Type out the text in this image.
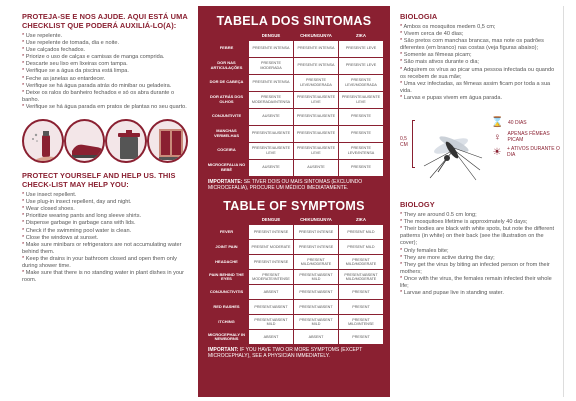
PROTEJA-SE E NOS AJUDE. AQUI ESTÁ UMA CHECKLIST QUE PODERÁ AUXILIÁ-LO(A):
* Use repelente.
* Use repelente de tomada, dia e noite.
* Use calçados fechados.
* Priorize o uso de calças e camisas de manga comprida.
* Descarte seu lixo em lixeiras com tampa.
* Verifique se a água da piscina está limpa.
* Feche as janelas ao entardecer.
* Verifique se há água parada atrás do minibar ou geladeira.
* Deixe os ralos do banheiro fechados e só os abra durante o banho.
* Verifique se há água parada em pratos de plantas no seu quarto.
PROTECT YOURSELF AND HELP US. THIS CHECK-LIST MAY HELP YOU:
* Use insect repellent.
* Use plug-in insect repellent, day and night.
* Wear closed shoes.
* Prioritize wearing pants and long sleeve shirts.
* Dispense garbage in garbage cans with lids.
* Check if the swimming pool water is clean.
* Close the windows at sunset.
* Make sure minibars or refrigerators are not accumulating water behind them.
* Keep the drains in your bathroom closed and open them only during shower time.
* Make sure that there is no standing water in plant dishes in your room.
TABELA DOS SINTOMAS
	DENGUE	CHIKUNGUNYA	ZIKA
FEBRE	PRESENTE INTENSA	PRESENTE INTENSA	PRESENTE LEVE
DOR NAS ARTICULAÇÕES	PRESENTE MODERADA	PRESENTE INTENSA	PRESENTE LEVE
DOR DE CABEÇA	PRESENTE INTENSA	PRESENTE LEVE/MODERADA	PRESENTE LEVE/MODERADA
DOR ATRÁS DOS OLHOS	PRESENTE MODERADA/INTENSA	PRESENTE/AUSENTE LEVE	PRESENTE/AUSENTE LEVE
CONJUNTIVITE	AUSENTE	PRESENTE/AUSENTE	PRESENTE
MANCHAS VERMELHAS	PRESENTE/AUSENTE	PRESENTE/AUSENTE	PRESENTE
COCEIRA	PRESENTE/AUSENTE LEVE	PRESENTE/AUSENTE LEVE	PRESENTE LEVE/INTENSA
MICROCEFALIA NO BEBÊ	AUSENTE	AUSENTE	PRESENTE
IMPORTANTE: SE TIVER DOIS OU MAIS SINTOMAS (EXCLUINDO MICROCEFALIA), PROCURE UM MÉDICO IMEDIATAMENTE.
TABLE OF SYMPTOMS
	DENGUE	CHIKUNGUNYA	ZIKA
FEVER	PRESENT INTENSE	PRESENT INTENSE	PRESENT MILD
JOINT PAIN	PRESENT MODERATE	PRESENT INTENSE	PRESENT MILD
HEADACHE	PRESENT INTENSE	PRESENT MILD/MODERATE	PRESENT MILD/MODERATE
PAIN BEHIND THE EYES	PRESENT MODERATE/INTENSE	PRESENT/ABSENT MILD	PRESENT/ABSENT MILD/MODERATE
CONJUNCTIVITIS	ABSENT	PRESENT/ABSENT	PRESENT
RED RASHES	PRESENT/ABSENT	PRESENT/ABSENT	PRESENT
ITCHING	PRESENT/ABSENT MILD	PRESENT/ABSENT MILD	PRESENT MILD/INTENSE
MICROCEPHALY IN NEWBORNS	ABSENT	ABSENT	PRESENT
IMPORTANT: IF YOU HAVE TWO OR MORE SYMPTOMS (EXCEPT MICROCEPHALY), SEE A PHYSICIAN IMMEDIATELY.
BIOLOGIA
* Ambos os mosquitos medem 0,5 cm;
* Vivem cerca de 40 dias;
* São pretos com manchas brancas, mas note os padrões diferentes (em branco) nas costas (veja figuras abaixo);
* Somente as fêmeas picam;
* São mais ativos durante o dia;
* Adquirem os vírus ao picar uma pessoa infectada ou quando os recebem de sua mãe;
* Uma vez infectadas, as fêmeas assim ficam por toda a sua vida.
* Larvas e pupas vivem em água parada.
0,5 CM
⌛ 40 DIAS
♀ APENAS FÊMEAS PICAM
☀ + ATIVOS DURANTE O DIA
BIOLOGY
* They are around 0.5 cm long;
* The mosquitoes lifetime is approximately 40 days;
* Their bodies are black with white spots, but note the different patterns (in white) on their back (see the illustration on the cover);
* Only females bite;
* They are more active during the day;
* They get the virus by biting an infected person or from their mothers;
* Once with the virus, the females remain infected their whole life;
* Larvae and pupae live in standing water.
